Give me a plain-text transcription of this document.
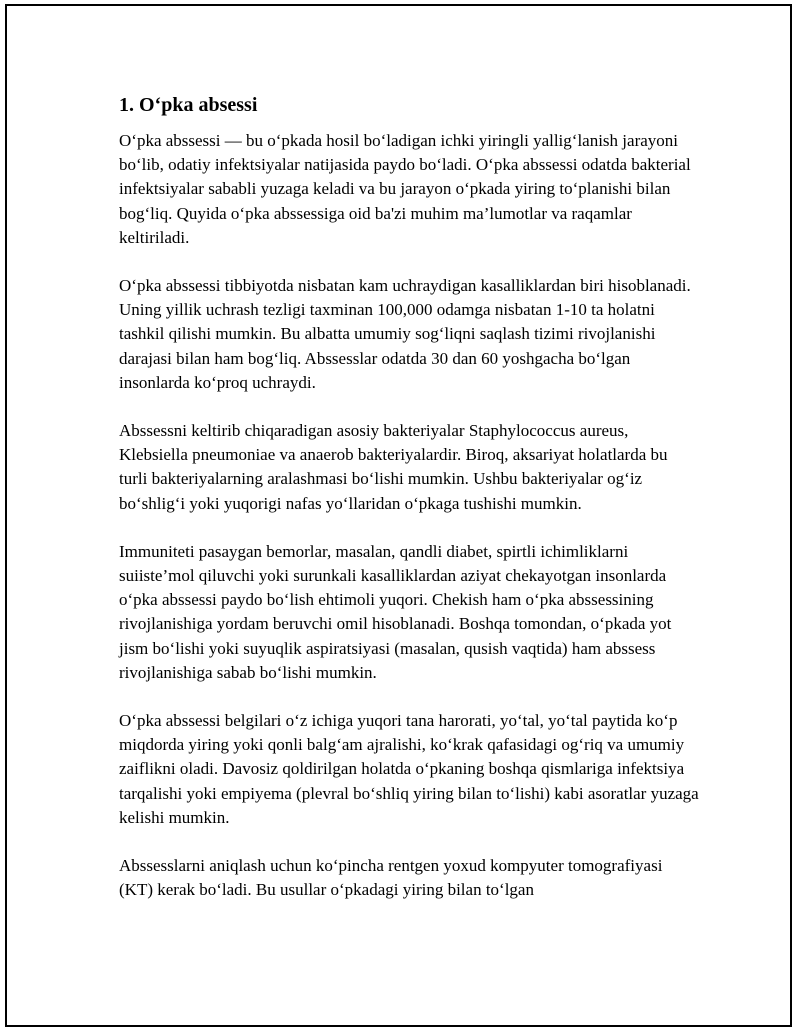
1. O‘pka absessi

O‘pka abssessi — bu o‘pkada hosil bo‘ladigan ichki yiringli yallig‘lanish jarayoni bo‘lib, odatiy infektsiyalar natijasida paydo bo‘ladi. O‘pka abssessi odatda bakterial infektsiyalar sababli yuzaga keladi va bu jarayon o‘pkada yiring to‘planishi bilan bog‘liq. Quyida o‘pka abssessiga oid ba'zi muhim ma’lumotlar va raqamlar keltiriladi.

O‘pka abssessi tibbiyotda nisbatan kam uchraydigan kasalliklardan biri hisoblanadi. Uning yillik uchrash tezligi taxminan 100,000 odamga nisbatan 1-10 ta holatni tashkil qilishi mumkin. Bu albatta umumiy sog‘liqni saqlash tizimi rivojlanishi darajasi bilan ham bog‘liq. Abssesslar odatda 30 dan 60 yoshgacha bo‘lgan insonlarda ko‘proq uchraydi.

Abssessni keltirib chiqaradigan asosiy bakteriyalar Staphylococcus aureus, Klebsiella pneumoniae va anaerob bakteriyalardir. Biroq, aksariyat holatlarda bu turli bakteriyalarning aralashmasi bo‘lishi mumkin. Ushbu bakteriyalar og‘iz bo‘shlig‘i yoki yuqorigi nafas yo‘llaridan o‘pkaga tushishi mumkin.

Immuniteti pasaygan bemorlar, masalan, qandli diabet, spirtli ichimliklarni suiiste’mol qiluvchi yoki surunkali kasalliklardan aziyat chekayotgan insonlarda o‘pka abssessi paydo bo‘lish ehtimoli yuqori. Chekish ham o‘pka abssessining rivojlanishiga yordam beruvchi omil hisoblanadi. Boshqa tomondan, o‘pkada yot jism bo‘lishi yoki suyuqlik aspiratsiyasi (masalan, qusish vaqtida) ham abssess rivojlanishiga sabab bo‘lishi mumkin.

O‘pka abssessi belgilari o‘z ichiga yuqori tana harorati, yo‘tal, yo‘tal paytida ko‘p miqdorda yiring yoki qonli balg‘am ajralishi, ko‘krak qafasidagi og‘riq va umumiy zaiflikni oladi. Davosiz qoldirilgan holatda o‘pkaning boshqa qismlariga infektsiya tarqalishi yoki empiyema (plevral bo‘shliq yiring bilan to‘lishi) kabi asoratlar yuzaga kelishi mumkin.

Abssesslarni aniqlash uchun ko‘pincha rentgen yoxud kompyuter tomografiyasi (KT) kerak bo‘ladi. Bu usullar o‘pkadagi yiring bilan to‘lgan
